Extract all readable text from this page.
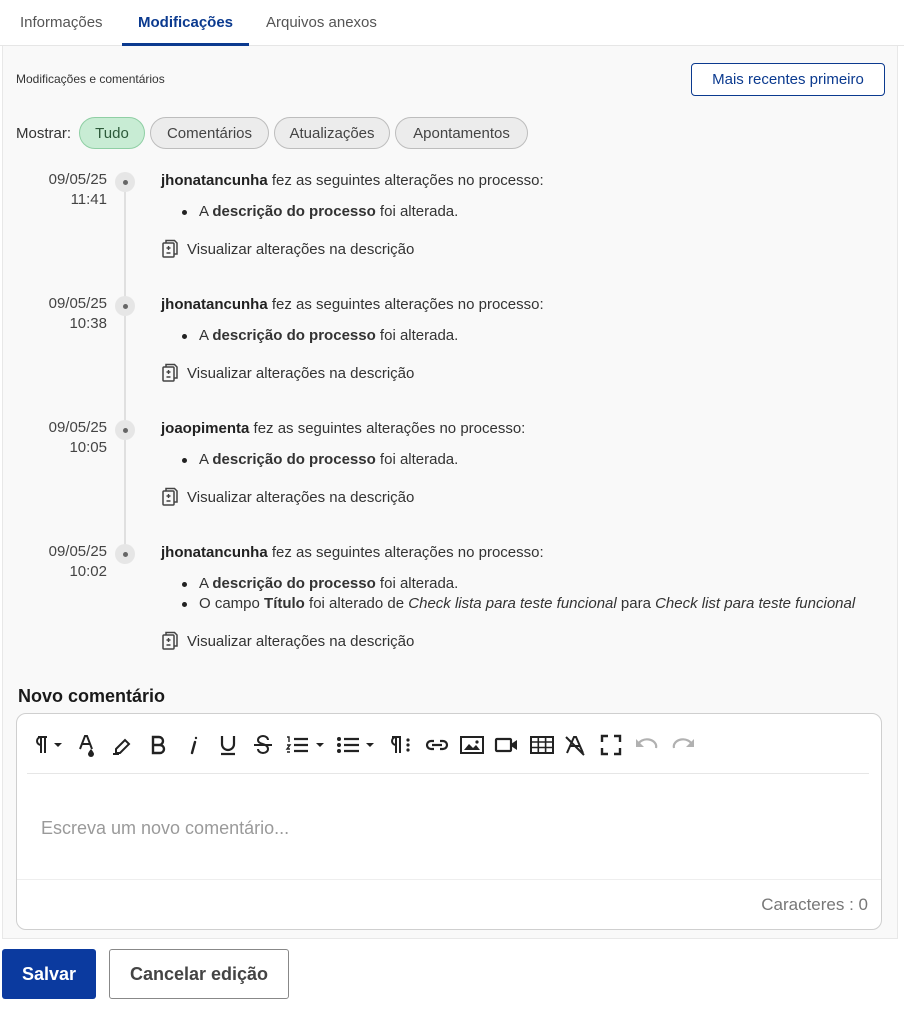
Informações Modificações Arquivos anexos
Modificações e comentários	Mais recentes primeiro
Mostrar:	Tudo	Comentários	Atualizações	Apontamentos
09/05/25
11:41
jhonatancunha fez as seguintes alterações no processo:
A descrição do processo foi alterada.
Visualizar alterações na descrição
09/05/25
10:38
jhonatancunha fez as seguintes alterações no processo:
A descrição do processo foi alterada.
Visualizar alterações na descrição
09/05/25
10:05
joaopimenta fez as seguintes alterações no processo:
A descrição do processo foi alterada.
Visualizar alterações na descrição
09/05/25
10:02
jhonatancunha fez as seguintes alterações no processo:
A descrição do processo foi alterada.
O campo Título foi alterado de Check lista para teste funcional para Check list para teste funcional
Visualizar alterações na descrição
Novo comentário
Escreva um novo comentário...
Caracteres : 0
Salvar	Cancelar edição
